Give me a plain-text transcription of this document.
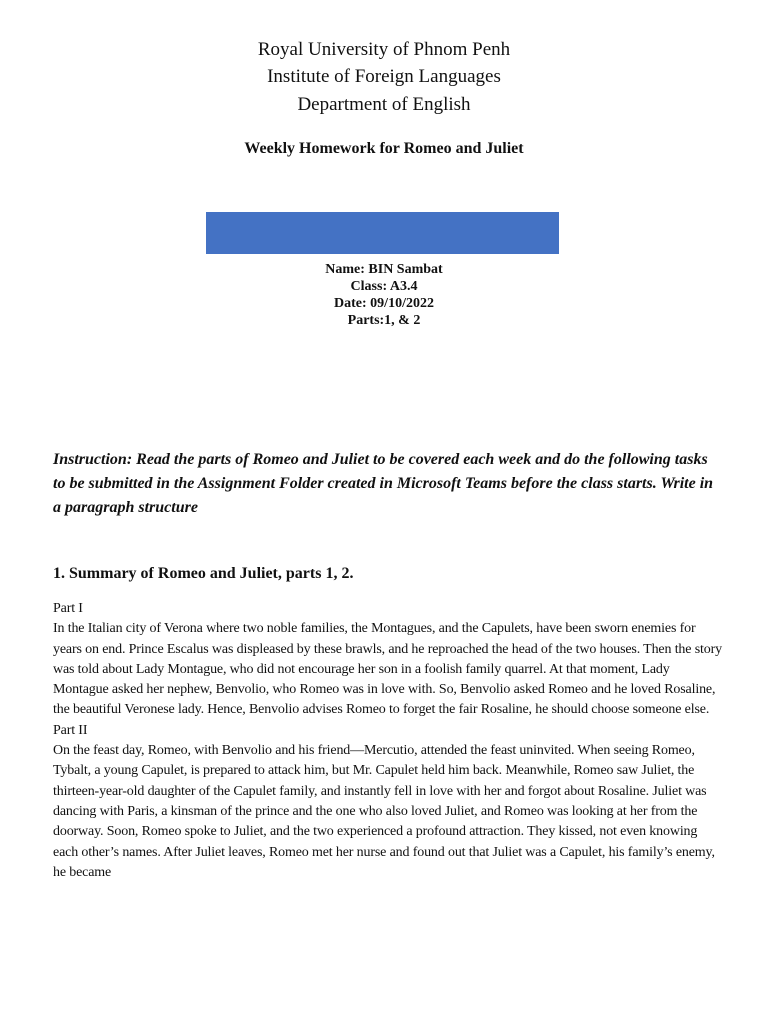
Royal University of Phnom Penh
Institute of Foreign Languages
Department of English
Weekly Homework for Romeo and Juliet
Name: BIN Sambat
Class: A3.4
Date: 09/10/2022
Parts:1, & 2
Instruction: Read the parts of Romeo and Juliet to be covered each week and do the following tasks to be submitted in the Assignment Folder created in Microsoft Teams before the class starts. Write in a paragraph structure
1. Summary of Romeo and Juliet, parts 1, 2.

Part I

In the Italian city of Verona where two noble families, the Montagues, and the Capulets, have been sworn enemies for years on end. Prince Escalus was displeased by these brawls, and he reproached the head of the two houses. Then the story was told about Lady Montague, who did not encourage her son in a foolish family quarrel. At that moment, Lady Montague asked her nephew, Benvolio, who Romeo was in love with. So, Benvolio asked Romeo and he loved Rosaline, the beautiful Veronese lady. Hence, Benvolio advises Romeo to forget the fair Rosaline, he should choose someone else.

Part II

On the feast day, Romeo, with Benvolio and his friend—Mercutio, attended the feast uninvited. When seeing Romeo, Tybalt, a young Capulet, is prepared to attack him, but Mr. Capulet held him back. Meanwhile, Romeo saw Juliet, the thirteen-year-old daughter of the Capulet family, and instantly fell in love with her and forgot about Rosaline. Juliet was dancing with Paris, a kinsman of the prince and the one who also loved Juliet, and Romeo was looking at her from the doorway. Soon, Romeo spoke to Juliet, and the two experienced a profound attraction. They kissed, not even knowing each other’s names. After Juliet leaves, Romeo met her nurse and found out that Juliet was a Capulet, his family’s enemy, he became
